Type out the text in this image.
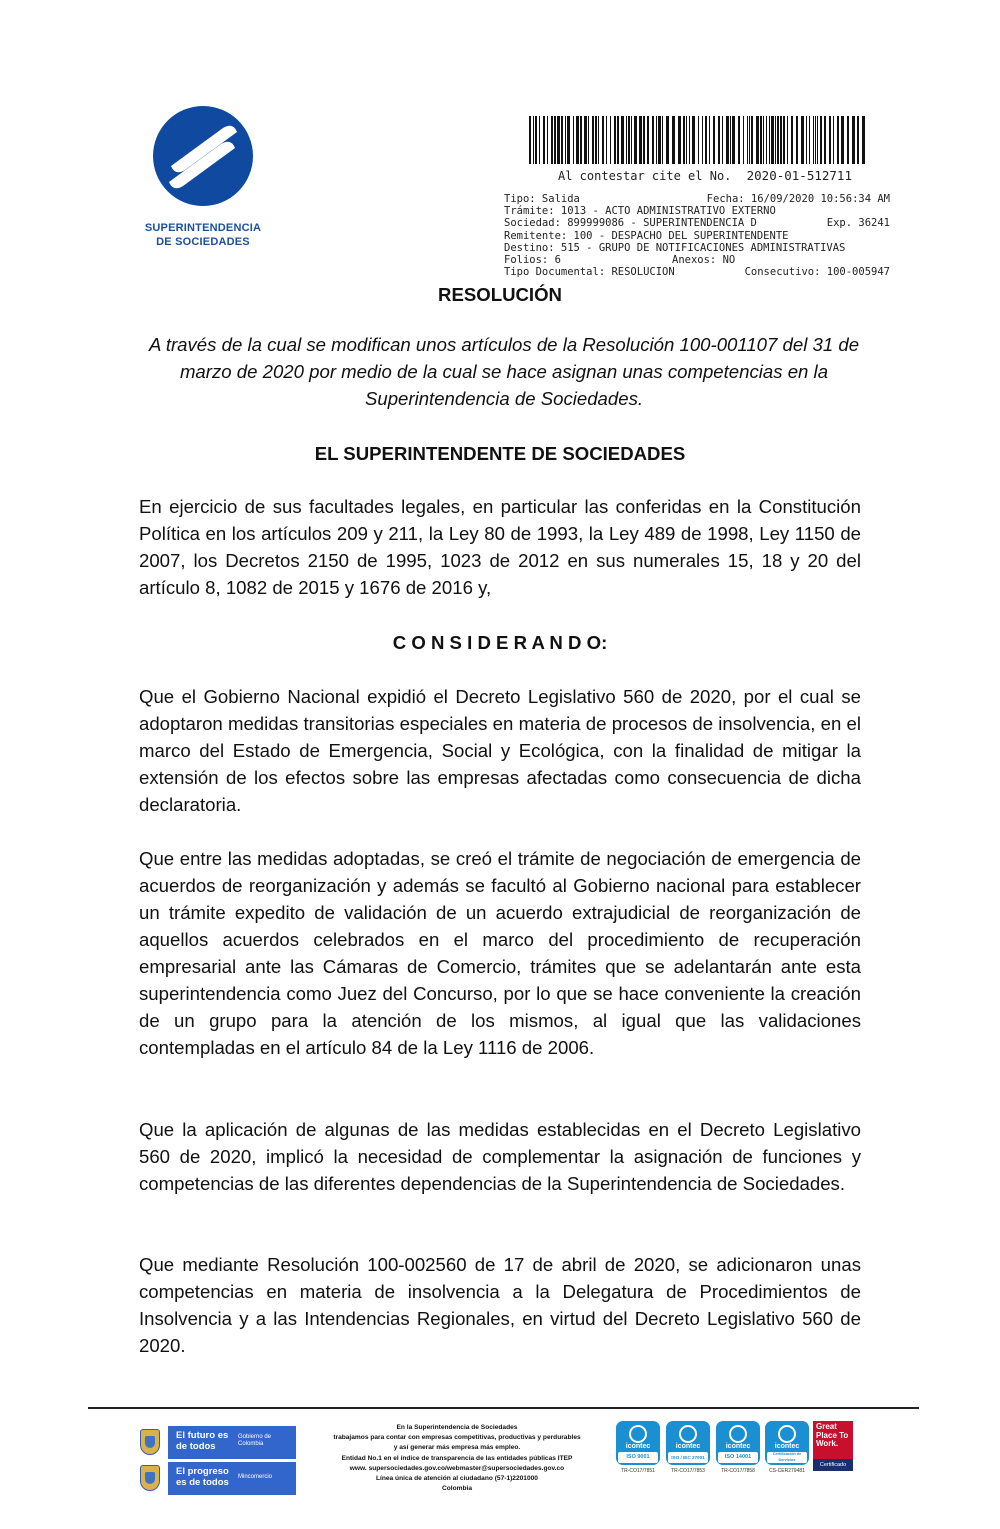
SUPERINTENDENCIA
DE SOCIEDADES
Al contestar cite el No. 2020-01-512711
Tipo: Salida	Fecha: 16/09/2020 10:56:34 AM
Trámite: 1013 - ACTO ADMINISTRATIVO EXTERNO
Sociedad: 899999086 - SUPERINTENDENCIA D	Exp. 36241
Remitente: 100 - DESPACHO DEL SUPERINTENDENTE
Destino: 515 - GRUPO DE NOTIFICACIONES ADMINISTRATIVAS
Folios: 6	Anexos: NO
Tipo Documental: RESOLUCION	Consecutivo: 100-005947
RESOLUCIÓN
A través de la cual se modifican unos artículos de la Resolución 100-001107 del 31 de marzo de 2020 por medio de la cual se hace asignan unas competencias en la Superintendencia de Sociedades.
EL SUPERINTENDENTE DE SOCIEDADES
En ejercicio de sus facultades legales, en particular las conferidas en la Constitución Política en los artículos 209 y 211, la Ley 80 de 1993, la Ley 489 de 1998, Ley 1150 de 2007, los Decretos 2150 de 1995, 1023 de 2012 en sus numerales 15, 18 y 20 del artículo 8, 1082 de 2015 y 1676 de 2016 y,
C O N S I D E R A N D O:
Que el Gobierno Nacional expidió el Decreto Legislativo 560 de 2020, por el cual se adoptaron medidas transitorias especiales en materia de procesos de insolvencia, en el marco del Estado de Emergencia, Social y Ecológica, con la finalidad de mitigar la extensión de los efectos sobre las empresas afectadas como consecuencia de dicha declaratoria.
Que entre las medidas adoptadas, se creó el trámite de negociación de emergencia de acuerdos de reorganización y además se facultó al Gobierno nacional para establecer un trámite expedito de validación de un acuerdo extrajudicial de reorganización de aquellos acuerdos celebrados en el marco del procedimiento de recuperación empresarial ante las Cámaras de Comercio, trámites que se adelantarán ante esta superintendencia como Juez del Concurso, por lo que se hace conveniente la creación de un grupo para la atención de los mismos, al igual que las validaciones contempladas en el artículo 84 de la Ley 1116 de 2006.
Que la aplicación de algunas de las medidas establecidas en el Decreto Legislativo 560 de 2020, implicó la necesidad de complementar la asignación de funciones y competencias de las diferentes dependencias de la Superintendencia de Sociedades.
Que mediante Resolución 100-002560 de 17 de abril de 2020, se adicionaron unas competencias en materia de insolvencia a la Delegatura de Procedimientos de Insolvencia y a las Intendencias Regionales, en virtud del Decreto Legislativo 560 de 2020.
El futuro es de todos
Gobierno de Colombia
El progreso es de todos	Mincomercio
En la Superintendencia de Sociedades
trabajamos para contar con empresas competitivas, productivas y perdurables
y así generar más empresa más empleo.
Entidad No.1 en el índice de transparencia de las entidades públicas ITEP
www. supersociedades.gov.co/webmaster@supersociedades.gov.co
Línea única de atención al ciudadano (57-1)2201000
Colombia
icontec
ISO 9001
TR-CO17/7851
icontec
ISO / IEC 27001
TR-CO17/7853
icontec
ISO 14001
TR-CO17/7858
icontec
Certificación de Servicios
CS-CER279481
Great Place To Work.
Certificado
